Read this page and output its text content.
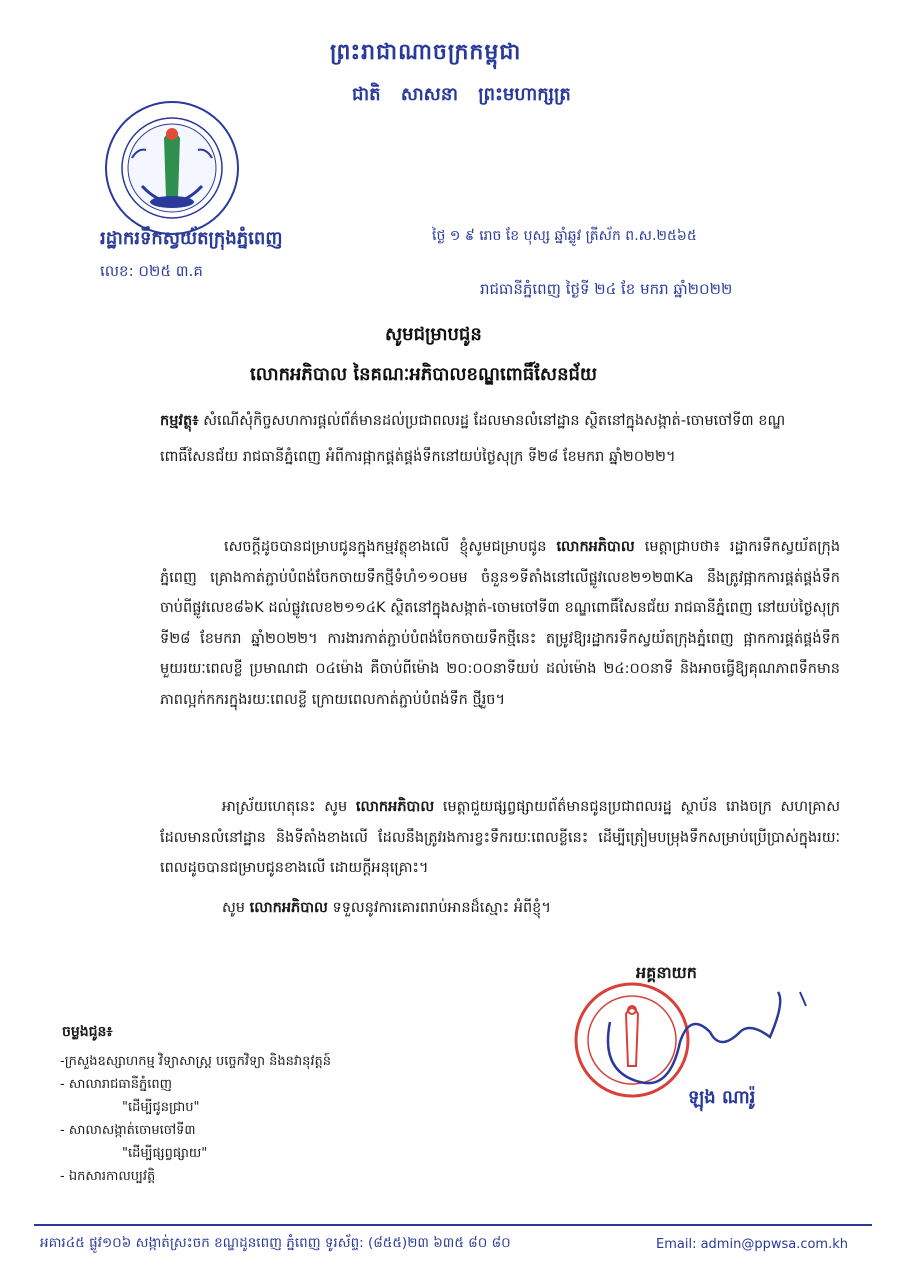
ព្រះរាជាណាចក្រកម្ពុជា
ជាតិ សាសនា ព្រះមហាក្សត្រ
រដ្ឋាករទឹកស្វយ័តក្រុងភ្នំពេញ
លេខ: ០២៥ ៣.គ
ថ្ងៃ ១ ៩ រោច ខែ បុស្ស ឆ្នាំឆ្លូវ ត្រីស័ក ព.ស.២៥៦៥
រាជធានីភ្នំពេញ ថ្ងៃទី ២៤ ខែ មករា ឆ្នាំ២០២២
សូមជម្រាបជូន
លោកអភិបាល នៃគណៈអភិបាលខណ្ឌពោធិ៍សែនជ័យ
កម្មវត្ថុ៖ សំណើសុំកិច្ចសហការផ្តល់ព័ត៌មានដល់ប្រជាពលរដ្ឋ ដែលមានលំនៅដ្ឋាន ស្ថិតនៅក្នុងសង្កាត់-ចោមចៅទី៣ ខណ្ឌពោធិ៍សែនជ័យ រាជធានីភ្នំពេញ អំពីការផ្អាកផ្គត់ផ្គង់ទឹកនៅយប់ថ្ងៃសុក្រ ទី២៨ ខែមករា ឆ្នាំ២០២២។
សេចក្តីដូចបានជម្រាបជូនក្នុងកម្មវត្ថុខាងលើ ខ្ញុំសូមជម្រាបជូន លោកអភិបាល មេត្តាជ្រាបថា៖ រដ្ឋាករទឹកស្វយ័តក្រុងភ្នំពេញ គ្រោងកាត់ភ្ជាប់បំពង់ចែកចាយទឹកថ្មីទំហំ១១០មម ចំនួន១ទីតាំងនៅលើផ្លូវលេខ២១២៣Ka នឹងត្រូវផ្អាកការផ្គត់ផ្គង់ទឹកចាប់ពីផ្លូវលេខ៨៦K ដល់ផ្លូវលេខ២១១៤K ស្ថិតនៅក្នុងសង្កាត់-ចោមចៅទី៣ ខណ្ឌពោធិ៍សែនជ័យ រាជធានីភ្នំពេញ នៅយប់ថ្ងៃសុក្រ ទី២៨ ខែមករា ឆ្នាំ២០២២។ ការងារកាត់ភ្ជាប់បំពង់ចែកចាយទឹកថ្មីនេះ តម្រូវឱ្យរដ្ឋាករទឹកស្វយ័តក្រុងភ្នំពេញ ផ្អាកការផ្គត់ផ្គង់ទឹកមួយរយៈពេលខ្លី ប្រមាណជា ០៤ម៉ោង គឺចាប់ពីម៉ោង ២០:០០នាទីយប់ ដល់ម៉ោង ២៤:០០នាទី និងអាចធ្វើឱ្យគុណភាពទឹកមានភាពល្អក់កករក្នុងរយៈពេលខ្លី ក្រោយពេលកាត់ភ្ជាប់បំពង់ទឹក ថ្មីរួច។
អាស្រ័យហេតុនេះ សូម លោកអភិបាល មេត្តាជួយផ្សព្វផ្សាយព័ត៌មានជូនប្រជាពលរដ្ឋ ស្ថាប័ន រោងចក្រ សហគ្រាស ដែលមានលំនៅដ្ឋាន និងទីតាំងខាងលើ ដែលនឹងត្រូវរងការខ្វះទឹករយៈពេលខ្លីនេះ ដើម្បីត្រៀមបម្រុងទឹកសម្រាប់ប្រើប្រាស់ក្នុងរយៈពេលដូចបានជម្រាបជូនខាងលើ ដោយក្តីអនុគ្រោះ។
សូម លោកអភិបាល ទទួលនូវការគោរពរាប់អានដ៏ស្មោះ អំពីខ្ញុំ។
អគ្គនាយក
ឡុង ណារ៉ូ
ចម្លងជូន៖
-ក្រសួងឧស្សាហកម្ម វិទ្យាសាស្ត្រ បច្ចេកវិទ្យា និងនវានុវត្តន៍
- សាលារាជធានីភ្នំពេញ
"ដើម្បីជូនជ្រាប"
- សាលាសង្កាត់ចោមចៅទី៣
"ដើម្បីផ្សព្វផ្សាយ"
- ឯកសារកាលប្បវត្តិ
អគារ៤៥ ផ្លូវ១០៦ សង្កាត់ស្រះចក ខណ្ឌដូនពេញ ភ្នំពេញ ទូរស័ព្ទ: (៨៥៥)២៣ ៦៣៥ ៨០ ៨០	Email: admin@ppwsa.com.kh
